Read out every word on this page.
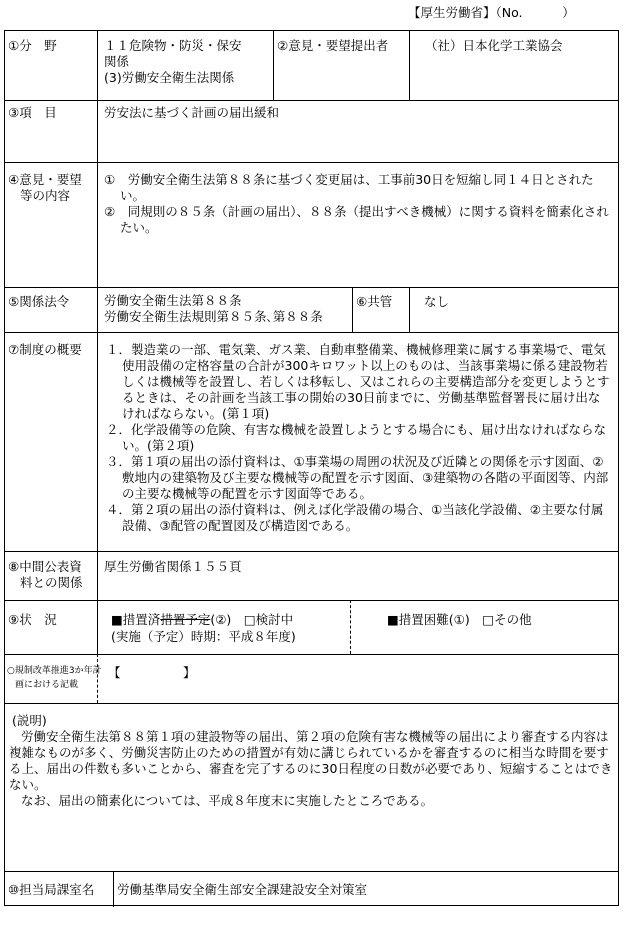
【厚生労働省】（No.          ）
①分　野	１１危険物・防災・保安
関係
(3)労働安全衛生法関係
②意見・要望提出者	（社）日本化学工業協会
③項　目	労安法に基づく計画の届出緩和
④意見・要望
等の内容

①　労働安全衛生法第８８条に基づく変更届は、工事前30日を短縮し同１４日とされたい。

②　同規則の８５条（計画の届出）、８８条（提出すべき機械）に関する資料を簡素化されたい。

⑤関係法令	労働安全衛生法第８８条
労働安全衛生法規則第８５条､第８８条
⑥共管	なし
⑦制度の概要 １．製造業の一部、電気業、ガス業、自動車整備業、機械修理業に属する事業場で、電気使用設備の定格容量の合計が300キロワット以上のものは、当該事業場に係る建設物若しくは機械等を設置し、若しくは移転し、又はこれらの主要構造部分を変更しようとするときは、その計画を当該工事の開始の30日前までに、労働基準監督署長に届け出なければならない。(第１項)

２．化学設備等の危険、有害な機械を設置しようとする場合にも、届け出なければならない。(第２項)

３．第１項の届出の添付資料は、①事業場の周囲の状況及び近隣との関係を示す図面、②敷地内の建築物及び主要な機械等の配置を示す図面、③建築物の各階の平面図等、内部の主要な機械等の配置を示す図面等である。

４．第２項の届出の添付資料は、例えば化学設備の場合、①当該化学設備、②主要な付属設備、③配管の配置図及び構造図である。

⑧中間公表資
料との関係
厚生労働省関係１５５頁
⑨状　況	■措置済措置予定(②)　 □検討中
(実施（予定）時期：平成８年度)
■措置困難(①)　 □その他
○規制改革推進3か年計
画における記載
【　　　　　】
(説明)

労働安全衛生法第８８第１項の建設物等の届出、第２項の危険有害な機械等の届出により審査する内容は複雑なものが多く、労働災害防止のための措置が有効に講じられているかを審査するのに相当な時間を要する上、届出の件数も多いことから、審査を完了するのに30日程度の日数が必要であり、短縮することはできない。

なお、届出の簡素化については、平成８年度末に実施したところである。

⑩担当局課室名 労働基準局安全衛生部安全課建設安全対策室
